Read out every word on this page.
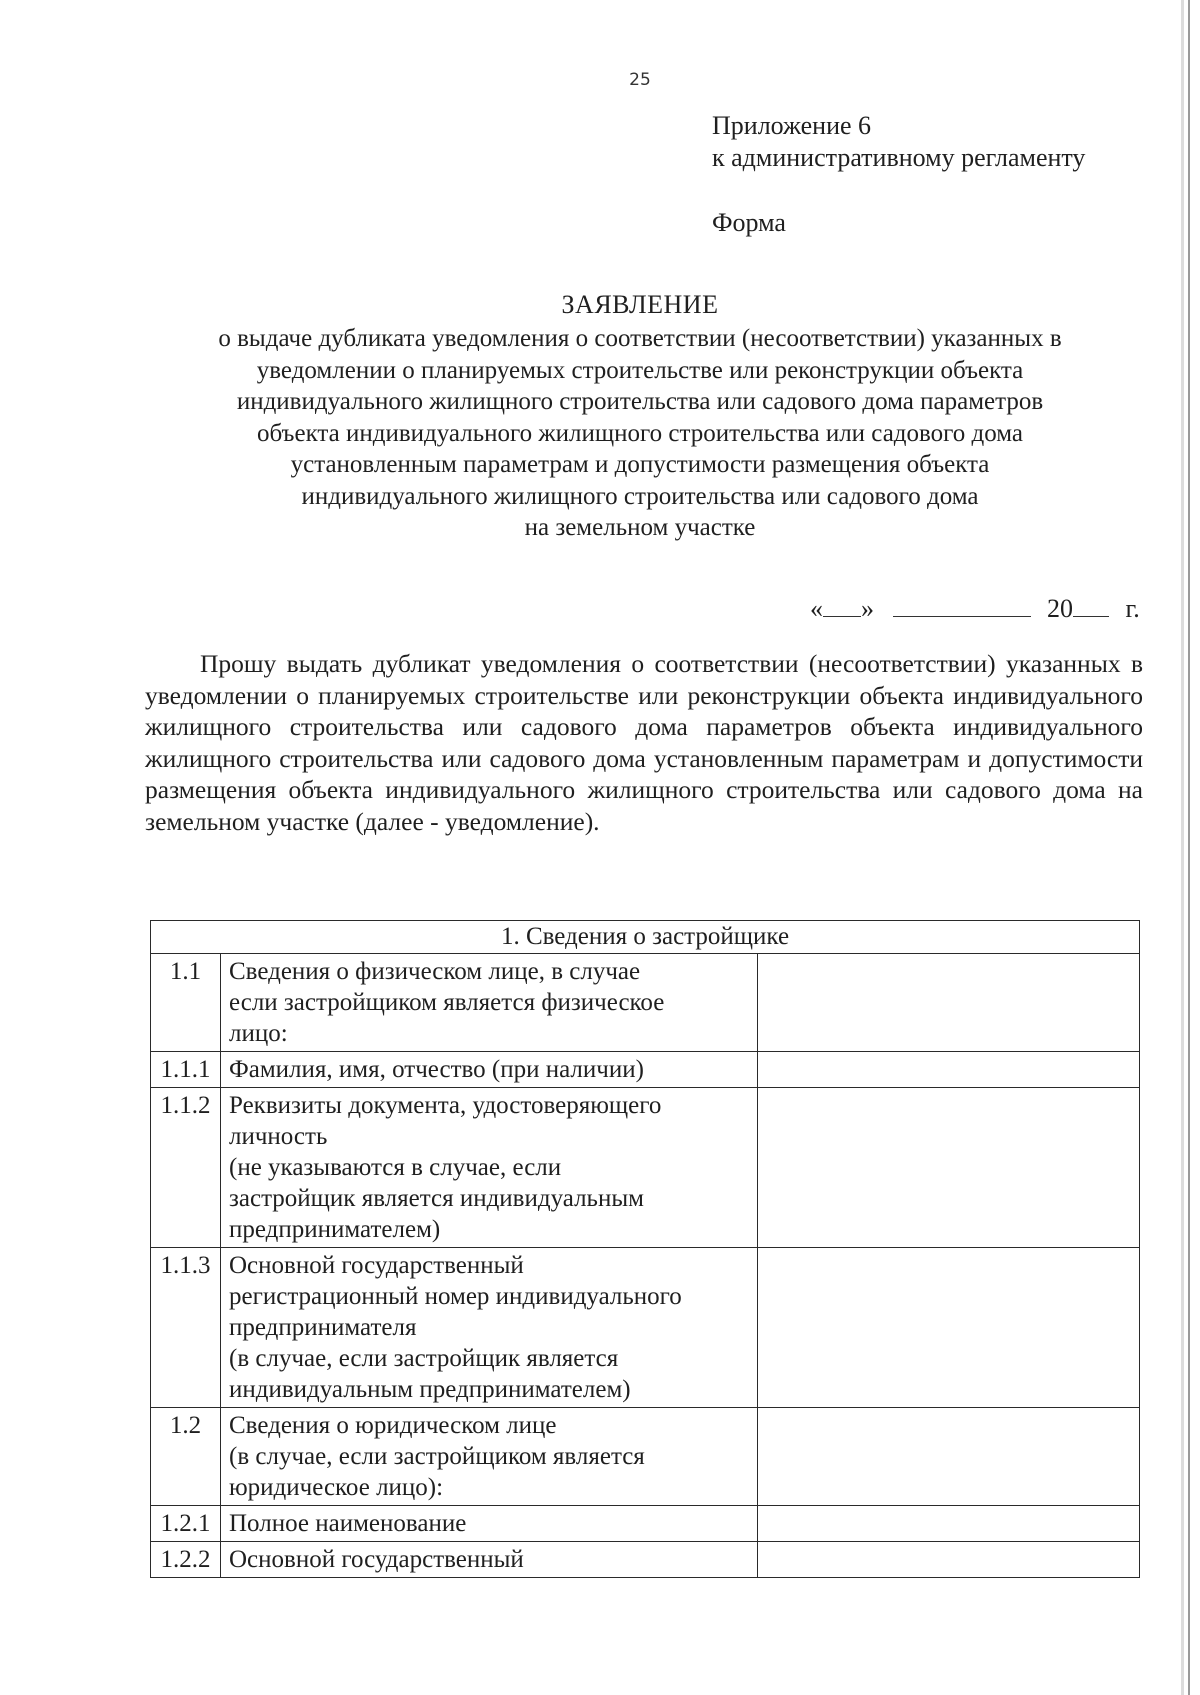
25
Приложение 6
к административному регламенту
Форма
ЗАЯВЛЕНИЕ
о выдаче дубликата уведомления о соответствии (несоответствии) указанных в
уведомлении о планируемых строительстве или реконструкции объекта
индивидуального жилищного строительства или садового дома параметров
объекта индивидуального жилищного строительства или садового дома
установленным параметрам и допустимости размещения объекта
индивидуального жилищного строительства или садового дома
на земельном участке
« »	20 г.
Прошу выдать дубликат уведомления о соответствии (несоответствии) указанных в уведомлении о планируемых строительстве или реконструкции объекта индивидуального жилищного строительства или садового дома параметров объекта индивидуального жилищного строительства или садового дома установленным параметрам и допустимости размещения объекта индивидуального жилищного строительства или садового дома на земельном участке (далее - уведомление).
1. Сведения о застройщике		
1.1	Сведения о физическом лице, в случае
если застройщиком является физическое
лицо:	

1.1.1	Фамилия, имя, отчество (при наличии)	

1.1.2	Реквизиты документа, удостоверяющего
личность
(не указываются в случае, если
застройщик является индивидуальным
предпринимателем)	

1.1.3	Основной государственный
регистрационный номер индивидуального
предпринимателя
(в случае, если застройщик является
индивидуальным предпринимателем)	

1.2	Сведения о юридическом лице
(в случае, если застройщиком является
юридическое лицо):	

1.2.1	Полное наименование	

1.2.2	Основной государственный	
